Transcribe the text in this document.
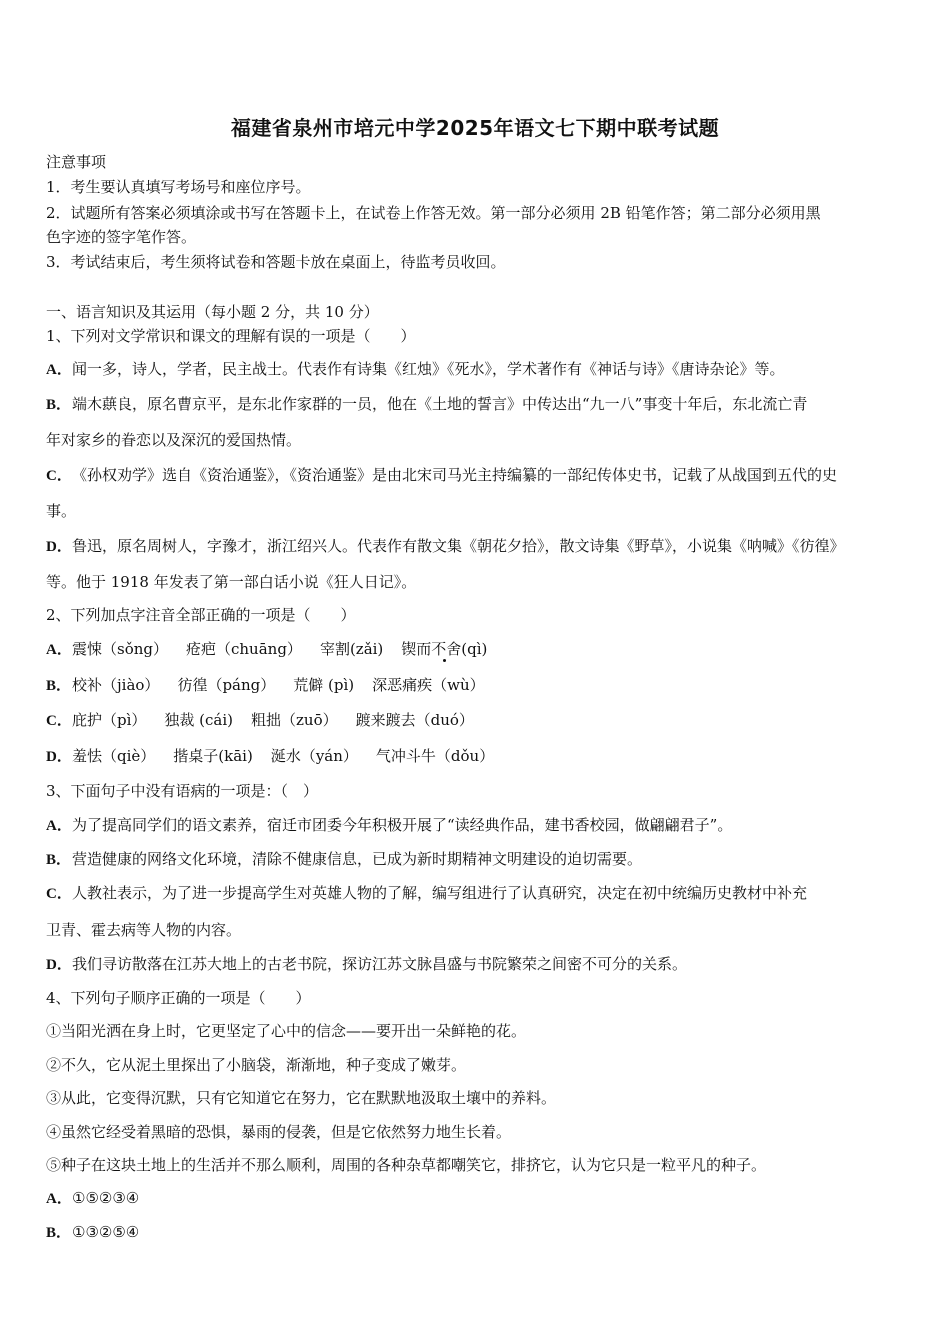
福建省泉州市培元中学2025年语文七下期中联考试题
注意事项
1．考生要认真填写考场号和座位序号。
2．试题所有答案必须填涂或书写在答题卡上，在试卷上作答无效。第一部分必须用 2B 铅笔作答；第二部分必须用黑
色字迹的签字笔作答。
3．考试结束后，考生须将试卷和答题卡放在桌面上，待监考员收回。
一、语言知识及其运用（每小题 2 分，共 10 分）
1、下列对文学常识和课文的理解有误的一项是（　　）
A．闻一多，诗人，学者，民主战士。代表作有诗集《红烛》《死水》，学术著作有《神话与诗》《唐诗杂论》等。
B．端木蕻良，原名曹京平，是东北作家群的一员，他在《土地的誓言》中传达出“九一八”事变十年后，东北流亡青
年对家乡的眷恋以及深沉的爱国热情。
C．《孙权劝学》选自《资治通鉴》，《资治通鉴》是由北宋司马光主持编纂的一部纪传体史书，记载了从战国到五代的史
事。
D．鲁迅，原名周树人，字豫才，浙江绍兴人。代表作有散文集《朝花夕拾》，散文诗集《野草》，小说集《呐喊》《彷徨》
等。他于 1918 年发表了第一部白话小说《狂人日记》。
2、下列加点字注音全部正确的一项是（　　）
A．震悚（sǒng） 疮疤（chuāng） 宰割(zǎi) 锲而不舍(qì)
B．校补（jiào） 彷徨（páng） 荒僻 (pì) 深恶痛疾（wù）
C．庇护（pì） 独裁 (cái) 粗拙（zuō） 踱来踱去（duó）
D．羞怯（qiè） 揩桌子(kāi) 涎水（yán） 气冲斗牛（dǒu）
3、下面句子中没有语病的一项是：（　）
A．为了提高同学们的语文素养，宿迁市团委今年积极开展了“读经典作品，建书香校园，做翩翩君子”。
B．营造健康的网络文化环境，清除不健康信息，已成为新时期精神文明建设的迫切需要。
C．人教社表示，为了进一步提高学生对英雄人物的了解，编写组进行了认真研究，决定在初中统编历史教材中补充
卫青、霍去病等人物的内容。
D．我们寻访散落在江苏大地上的古老书院，探访江苏文脉昌盛与书院繁荣之间密不可分的关系。
4、下列句子顺序正确的一项是（　　）
①当阳光洒在身上时，它更坚定了心中的信念——要开出一朵鲜艳的花。
②不久，它从泥土里探出了小脑袋，渐渐地，种子变成了嫩芽。
③从此，它变得沉默，只有它知道它在努力，它在默默地汲取土壤中的养料。
④虽然它经受着黑暗的恐惧，暴雨的侵袭，但是它依然努力地生长着。
⑤种子在这块土地上的生活并不那么顺利，周围的各种杂草都嘲笑它，排挤它，认为它只是一粒平凡的种子。
A．①⑤②③④
B．①③②⑤④
